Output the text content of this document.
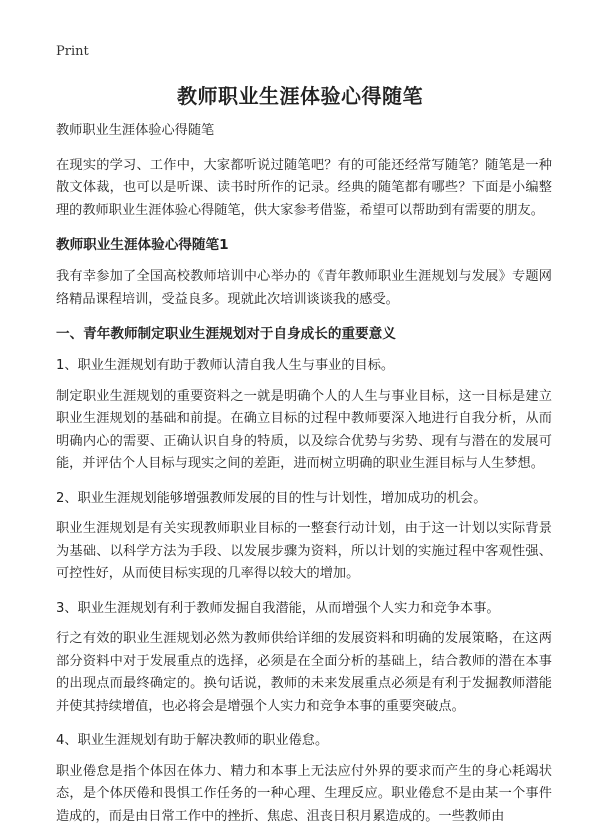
Print
教师职业生涯体验心得随笔

教师职业生涯体验心得随笔

在现实的学习、工作中，大家都听说过随笔吧？有的可能还经常写随笔？随笔是一种散文体裁，也可以是听课、读书时所作的记录。经典的随笔都有哪些？下面是小编整理的教师职业生涯体验心得随笔，供大家参考借鉴，希望可以帮助到有需要的朋友。

教师职业生涯体验心得随笔1

我有幸参加了全国高校教师培训中心举办的《青年教师职业生涯规划与发展》专题网络精品课程培训，受益良多。现就此次培训谈谈我的感受。

一、青年教师制定职业生涯规划对于自身成长的重要意义

1、职业生涯规划有助于教师认清自我人生与事业的目标。

制定职业生涯规划的重要资料之一就是明确个人的人生与事业目标，这一目标是建立职业生涯规划的基础和前提。在确立目标的过程中教师要深入地进行自我分析，从而明确内心的需要、正确认识自身的特质，以及综合优势与劣势、现有与潜在的发展可能，并评估个人目标与现实之间的差距，进而树立明确的职业生涯目标与人生梦想。

2、职业生涯规划能够增强教师发展的目的性与计划性，增加成功的机会。

职业生涯规划是有关实现教师职业目标的一整套行动计划，由于这一计划以实际背景为基础、以科学方法为手段、以发展步骤为资料，所以计划的实施过程中客观性强、可控性好，从而使目标实现的几率得以较大的增加。

3、职业生涯规划有利于教师发掘自我潜能，从而增强个人实力和竞争本事。

行之有效的职业生涯规划必然为教师供给详细的发展资料和明确的发展策略，在这两部分资料中对于发展重点的选择，必须是在全面分析的基础上，结合教师的潜在本事的出现点而最终确定的。换句话说，教师的未来发展重点必须是有利于发掘教师潜能并使其持续增值，也必将会是增强个人实力和竞争本事的重要突破点。

4、职业生涯规划有助于解决教师的职业倦怠。

职业倦怠是指个体因在体力、精力和本事上无法应付外界的要求而产生的身心耗竭状态，是个体厌倦和畏惧工作任务的一种心理、生理反应。职业倦怠不是由某一个事件造成的，而是由日常工作中的挫折、焦虑、沮丧日积月累造成的。一些教师由
